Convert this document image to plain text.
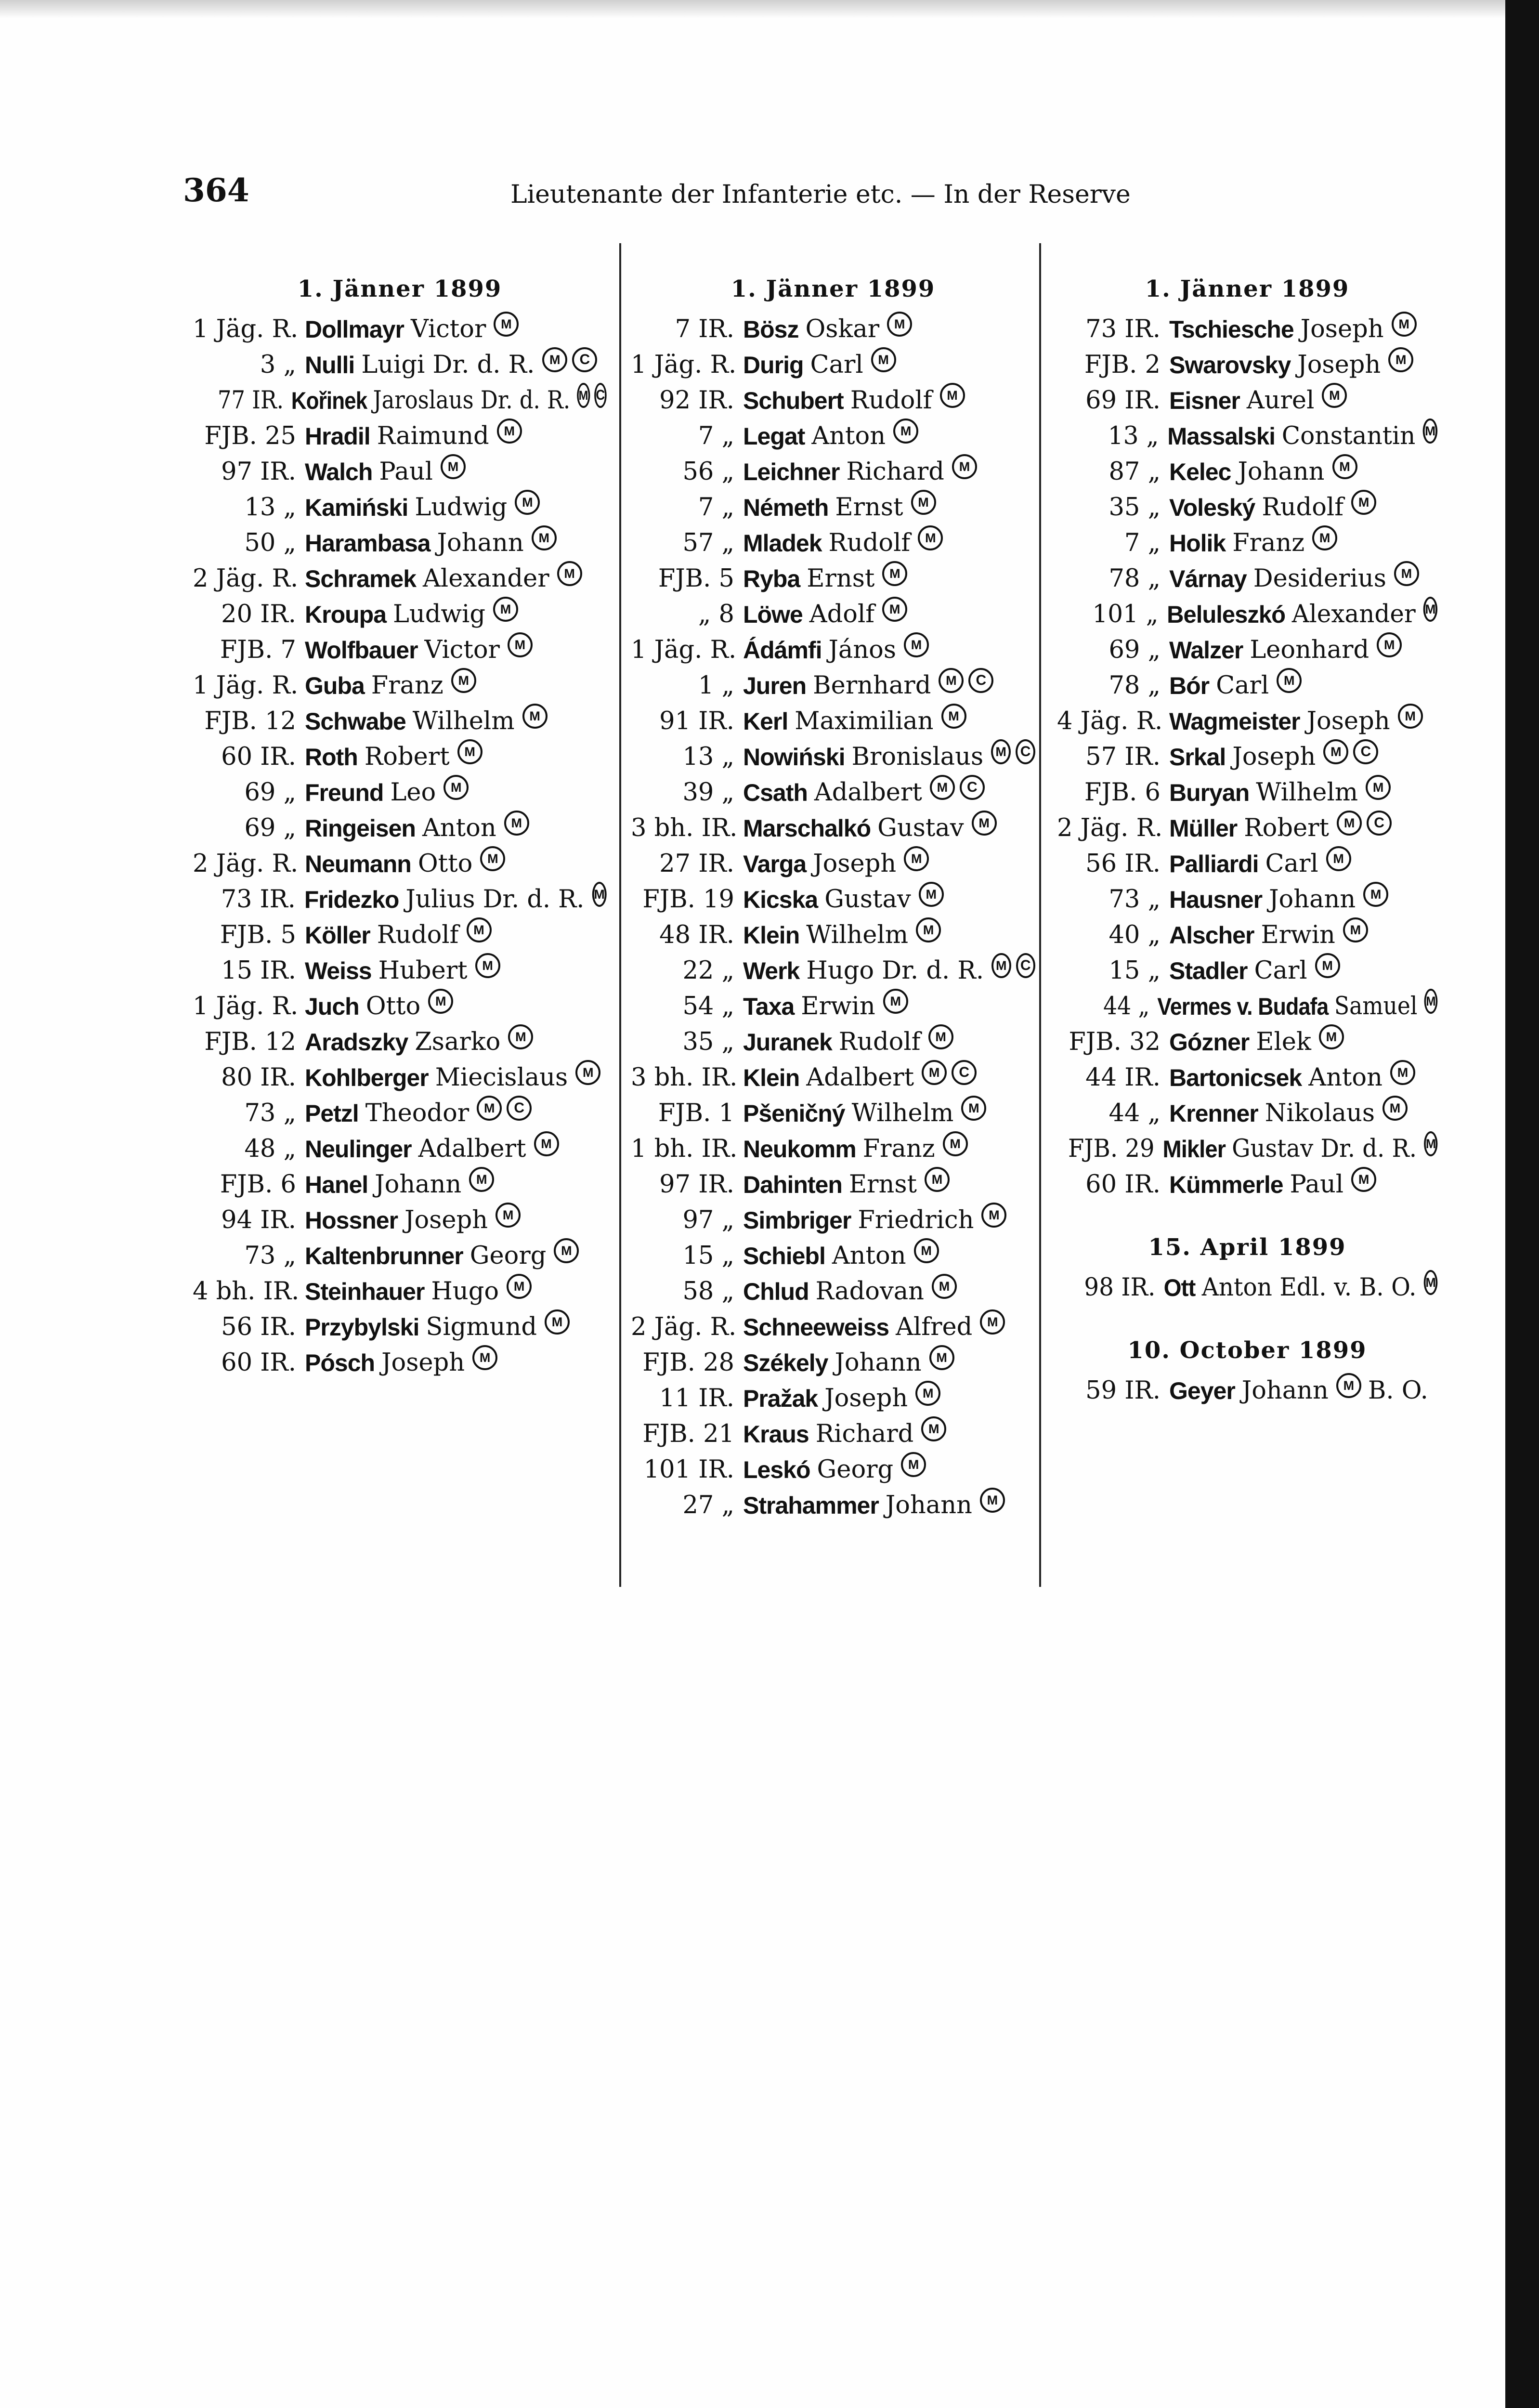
364	Lieutenante der Infanterie etc. — In der Reserve
1. Jänner 1899
1 Jäg. R. Dollmayr Victor	M
3 „ Nulli Luigi Dr. d. R.	M	C
77 IR. Kořinek Jaroslaus Dr. d. R. M C
FJB. 25 Hradil Raimund	M
97 IR. Walch Paul	M
13 „ Kamiński Ludwig	M
50 „ Harambasa Johann	M
2 Jäg. R. Schramek Alexander	M
20 IR. Kroupa Ludwig	M
FJB. 7 Wolfbauer Victor	M
1 Jäg. R. Guba Franz	M
FJB. 12 Schwabe Wilhelm	M
60 IR. Roth Robert	M
69 „ Freund Leo	M
69 „ Ringeisen Anton	M
2 Jäg. R. Neumann Otto	M
73 IR. Fridezko Julius Dr. d. R. M
FJB. 5 Köller Rudolf	M
15 IR. Weiss Hubert	M
1 Jäg. R. Juch Otto	M
FJB. 12 Aradszky Zsarko	M
80 IR. Kohlberger Miecislaus	M
73 „ Petzl Theodor	M	C
48 „ Neulinger Adalbert	M
FJB. 6 Hanel Johann	M
94 IR. Hossner Joseph	M
73 „ Kaltenbrunner Georg	M
4 bh. IR. Steinhauer Hugo	M
56 IR. Przybylski Sigmund	M
60 IR. Pósch Joseph	M
1. Jänner 1899
7 IR. Bösz Oskar	M
1 Jäg. R. Durig Carl	M
92 IR. Schubert Rudolf	M
7 „ Legat Anton	M
56 „ Leichner Richard	M
7 „ Németh Ernst	M
57 „ Mladek Rudolf	M
FJB. 5 Ryba Ernst	M
„ 8 Löwe Adolf	M
1 Jäg. R. Ádámfi János	M
1 „ Juren Bernhard	M	C
91 IR. Kerl Maximilian	M
13 „ Nowiński Bronislaus M C
39 „ Csath Adalbert	M	C
3 bh. IR. Marschalkó Gustav	M
27 IR. Varga Joseph	M
FJB. 19 Kicska Gustav	M
48 IR. Klein Wilhelm	M
22 „ Werk Hugo Dr. d. R. M C
54 „ Taxa Erwin	M
35 „ Juranek Rudolf	M
3 bh. IR. Klein Adalbert	M	C
FJB. 1 Pšeničný Wilhelm	M
1 bh. IR. Neukomm Franz	M
97 IR. Dahinten Ernst	M
97 „ Simbriger Friedrich	M
15 „ Schiebl Anton	M
58 „ Chlud Radovan	M
2 Jäg. R. Schneeweiss Alfred	M
FJB. 28 Székely Johann	M
11 IR. Pražak Joseph	M
FJB. 21 Kraus Richard	M
101 IR. Leskó Georg	M
27 „ Strahammer Johann	M
1. Jänner 1899
73 IR. Tschiesche Joseph	M
FJB. 2 Swarovsky Joseph	M
69 IR. Eisner Aurel	M
13 „ Massalski Constantin M
87 „ Kelec Johann	M
35 „ Voleský Rudolf	M
7 „ Holik Franz	M
78 „ Várnay Desiderius	M
101 „ Beluleszkó Alexander M
69 „ Walzer Leonhard	M
78 „ Bór Carl	M
4 Jäg. R. Wagmeister Joseph	M
57 IR. Srkal Joseph	M	C
FJB. 6 Buryan Wilhelm	M
2 Jäg. R. Müller Robert	M	C
56 IR. Palliardi Carl	M
73 „ Hausner Johann	M
40 „ Alscher Erwin	M
15 „ Stadler Carl	M
44 „ Vermes v. Budafa Samuel M
FJB. 32 Gózner Elek	M
44 IR. Bartonicsek Anton	M
44 „ Krenner Nikolaus	M
FJB. 29 Mikler Gustav Dr. d. R. M
60 IR. Kümmerle Paul	M
15. April 1899
98 IR. Ott Anton Edl. v. B. O. M
10. October 1899
59 IR. Geyer Johann	M B. O.
